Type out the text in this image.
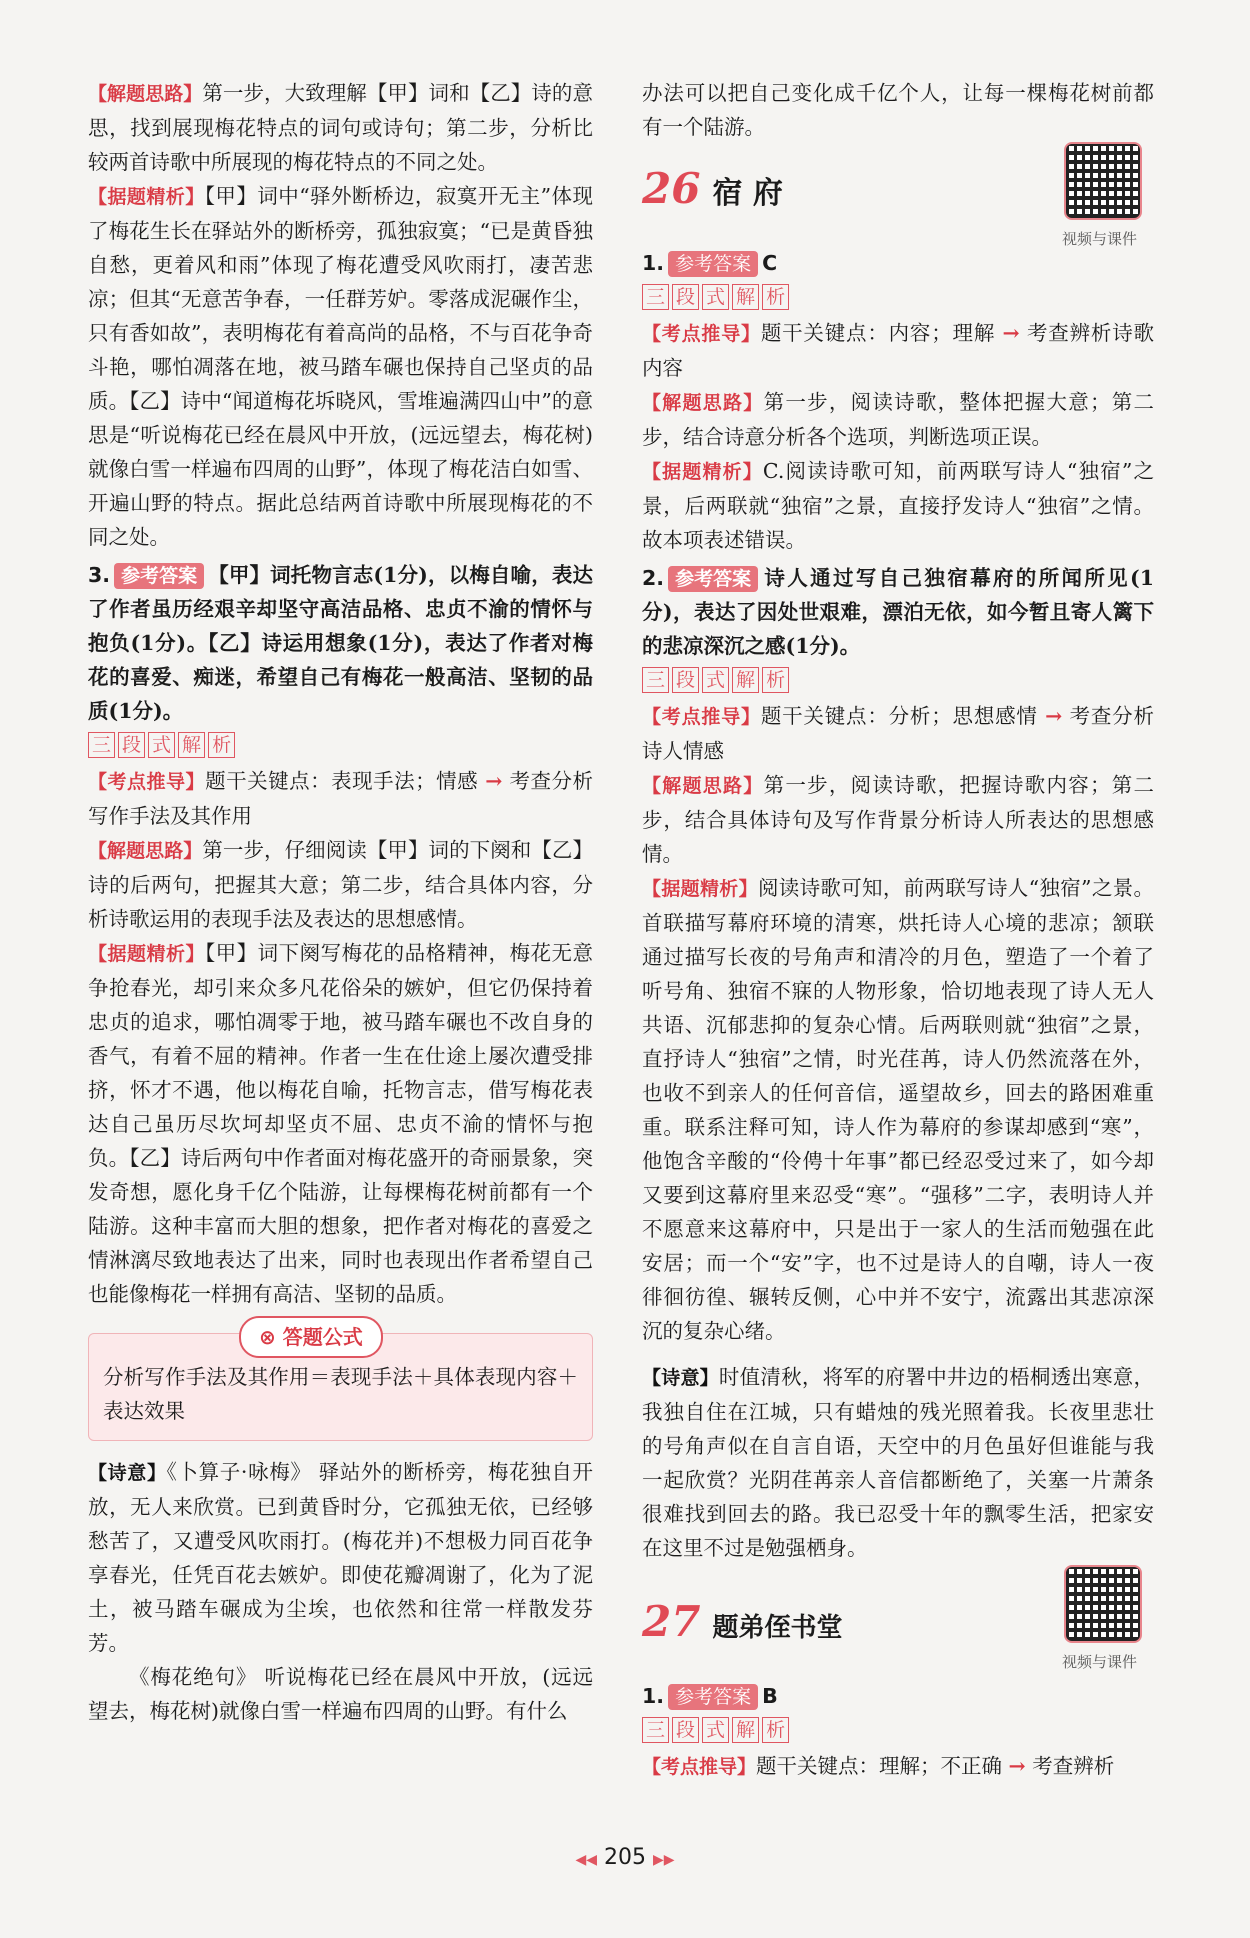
【解题思路】第一步，大致理解【甲】词和【乙】诗的意思，找到展现梅花特点的词句或诗句；第二步，分析比较两首诗歌中所展现的梅花特点的不同之处。

【据题精析】【甲】词中“驿外断桥边，寂寞开无主”体现了梅花生长在驿站外的断桥旁，孤独寂寞；“已是黄昏独自愁，更着风和雨”体现了梅花遭受风吹雨打，凄苦悲凉；但其“无意苦争春，一任群芳妒。零落成泥碾作尘，只有香如故”，表明梅花有着高尚的品格，不与百花争奇斗艳，哪怕凋落在地，被马踏车碾也保持自己坚贞的品质。【乙】诗中“闻道梅花坼晓风，雪堆遍满四山中”的意思是“听说梅花已经在晨风中开放，(远远望去，梅花树)就像白雪一样遍布四周的山野”，体现了梅花洁白如雪、开遍山野的特点。据此总结两首诗歌中所展现梅花的不同之处。

3. 参考答案 【甲】词托物言志(1分)，以梅自喻，表达了作者虽历经艰辛却坚守高洁品格、忠贞不渝的情怀与抱负(1分)。【乙】诗运用想象(1分)，表达了作者对梅花的喜爱、痴迷，希望自己有梅花一般高洁、坚韧的品质(1分)。

三 段 式 解 析

【考点推导】题干关键点：表现手法；情感 → 考查分析写作手法及其作用

【解题思路】第一步，仔细阅读【甲】词的下阕和【乙】诗的后两句，把握其大意；第二步，结合具体内容，分析诗歌运用的表现手法及表达的思想感情。

【据题精析】【甲】词下阕写梅花的品格精神，梅花无意争抢春光，却引来众多凡花俗朵的嫉妒，但它仍保持着忠贞的追求，哪怕凋零于地，被马踏车碾也不改自身的香气，有着不屈的精神。作者一生在仕途上屡次遭受排挤，怀才不遇，他以梅花自喻，托物言志，借写梅花表达自己虽历尽坎坷却坚贞不屈、忠贞不渝的情怀与抱负。【乙】诗后两句中作者面对梅花盛开的奇丽景象，突发奇想，愿化身千亿个陆游，让每棵梅花树前都有一个陆游。这种丰富而大胆的想象，把作者对梅花的喜爱之情淋漓尽致地表达了出来，同时也表现出作者希望自己也能像梅花一样拥有高洁、坚韧的品质。

⊗ 答题公式

分析写作手法及其作用＝表现手法＋具体表现内容＋表达效果

【诗意】《卜算子·咏梅》 驿站外的断桥旁，梅花独自开放，无人来欣赏。已到黄昏时分，它孤独无依，已经够愁苦了，又遭受风吹雨打。(梅花并)不想极力同百花争享春光，任凭百花去嫉妒。即使花瓣凋谢了，化为了泥土，被马踏车碾成为尘埃，也依然和往常一样散发芬芳。

《梅花绝句》 听说梅花已经在晨风中开放，(远远望去，梅花树)就像白雪一样遍布四周的山野。有什么

办法可以把自己变化成千亿个人，让每一棵梅花树前都有一个陆游。

26 宿 府
视频与课件

1. 参考答案 C

三 段 式 解 析

【考点推导】题干关键点：内容；理解 → 考查辨析诗歌内容

【解题思路】第一步，阅读诗歌，整体把握大意；第二步，结合诗意分析各个选项，判断选项正误。

【据题精析】C.阅读诗歌可知，前两联写诗人“独宿”之景，后两联就“独宿”之景，直接抒发诗人“独宿”之情。故本项表述错误。

2. 参考答案 诗人通过写自己独宿幕府的所闻所见(1分)，表达了因处世艰难，漂泊无依，如今暂且寄人篱下的悲凉深沉之感(1分)。

三 段 式 解 析

【考点推导】题干关键点：分析；思想感情 → 考查分析诗人情感

【解题思路】第一步，阅读诗歌，把握诗歌内容；第二步，结合具体诗句及写作背景分析诗人所表达的思想感情。

【据题精析】阅读诗歌可知，前两联写诗人“独宿”之景。首联描写幕府环境的清寒，烘托诗人心境的悲凉；颔联通过描写长夜的号角声和清冷的月色，塑造了一个着了听号角、独宿不寐的人物形象，恰切地表现了诗人无人共语、沉郁悲抑的复杂心情。后两联则就“独宿”之景，直抒诗人“独宿”之情，时光荏苒，诗人仍然流落在外，也收不到亲人的任何音信，遥望故乡，回去的路困难重重。联系注释可知，诗人作为幕府的参谋却感到“寒”，他饱含辛酸的“伶俜十年事”都已经忍受过来了，如今却又要到这幕府里来忍受“寒”。“强移”二字，表明诗人并不愿意来这幕府中，只是出于一家人的生活而勉强在此安居；而一个“安”字，也不过是诗人的自嘲，诗人一夜徘徊彷徨、辗转反侧，心中并不安宁，流露出其悲凉深沉的复杂心绪。

【诗意】时值清秋，将军的府署中井边的梧桐透出寒意，我独自住在江城，只有蜡烛的残光照着我。长夜里悲壮的号角声似在自言自语，天空中的月色虽好但谁能与我一起欣赏？光阴荏苒亲人音信都断绝了，关塞一片萧条很难找到回去的路。我已忍受十年的飘零生活，把家安在这里不过是勉强栖身。

27 题弟侄书堂
视频与课件

1. 参考答案 B

三 段 式 解 析

【考点推导】题干关键点：理解；不正确 → 考查辨析

◀◀ 205 ▶▶
